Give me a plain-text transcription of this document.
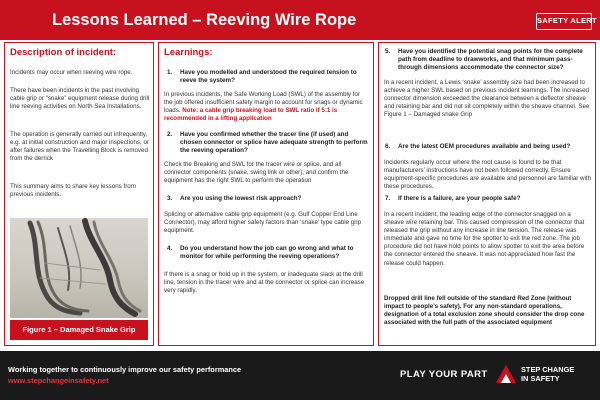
Lessons Learned – Reeving Wire Rope	SAFETY ALERT
Description of incident:
Incidents may occur when reeving wire rope.
There have been incidents in the past involving cable grip or “snake” equipment release during drill line reeving activities on North Sea Installations.
The operation is generally carried out infrequently, e.g. at initial construction and major inspections, or after failures when the Travelling Block is removed from the derrick
This summary aims to share key lessons from previous incidents.
Figure 1 – Damaged Snake Grip
Learnings:
1.	Have you modelled and understood the required tension to reeve the system?
In previous incidents, the Safe Working Load (SWL) of the assembly for the job offered insufficient safety margin to account for snags or dynamic loads. Note: a cable grip breaking load to SWL ratio if 5:1 is recommended in a lifting application
2.	Have you confirmed whether the tracer line (if used) and chosen connector or splice have adequate strength to perform the reeving operation?
Check the Breaking and SWL for the tracer wire or splice, and all connector components (snake, swing link or other), and confirm the equipment has the right SWL to perform the operation
3.	Are you using the lowest risk approach?
Splicing or alternative cable grip equipment (e.g. Gulf Copper End Line Connector), may afford higher safety factors than ‘snake’ type cable grip equipment.
4.	Do you understand how the job can go wrong and what to monitor for while performing the reeving operations?
If there is a snag or hold up in the system, or inadequate slack at the drill line, tension in the tracer wire and at the connector or splice can increase very rapidly.
5.	Have you identified the potential snag points for the complete path from deadline to drawworks, and that minimum pass-through dimensions accommodate the connector size?
In a recent incident, a Lewis ‘snake’ assembly size had been increased to achieve a higher SWL based on previous incident learnings. The increased connector dimension exceeded the clearance between a deflector sheave and retaining bar and did not sit completely within the sheave channel. See Figure 1 – Damaged snake Grip
6.	Are the latest OEM procedures available and being used?
Incidents regularly occur where the root cause is found to be that manufacturers’ instructions have not been followed correctly. Ensure equipment-specific procedures are available and personnel are familiar with these procedures.
7.	If there is a failure, are your people safe?
In a recent incident, the leading edge of the connector snagged on a sheave wire retaining bar. This caused compression of the connector that released the grip without any increase in line tension. The release was immediate and gave no time for the spotter to exit the red zone. The job procedure did not have hold points to allow spotter to exit the area before the connector entered the sheave. It was not appreciated how fast the release could happen.
Dropped drill line fell outside of the standard Red Zone (without impact to people’s safety). For any non-standard operations, designation of a total exclusion zone should consider the drop cone associated with the full path of the associated equipment
Working together to continuously improve our safety performance
www.stepchangeinsafety.net
PLAY YOUR PART	STEP CHANGE
IN SAFETY
